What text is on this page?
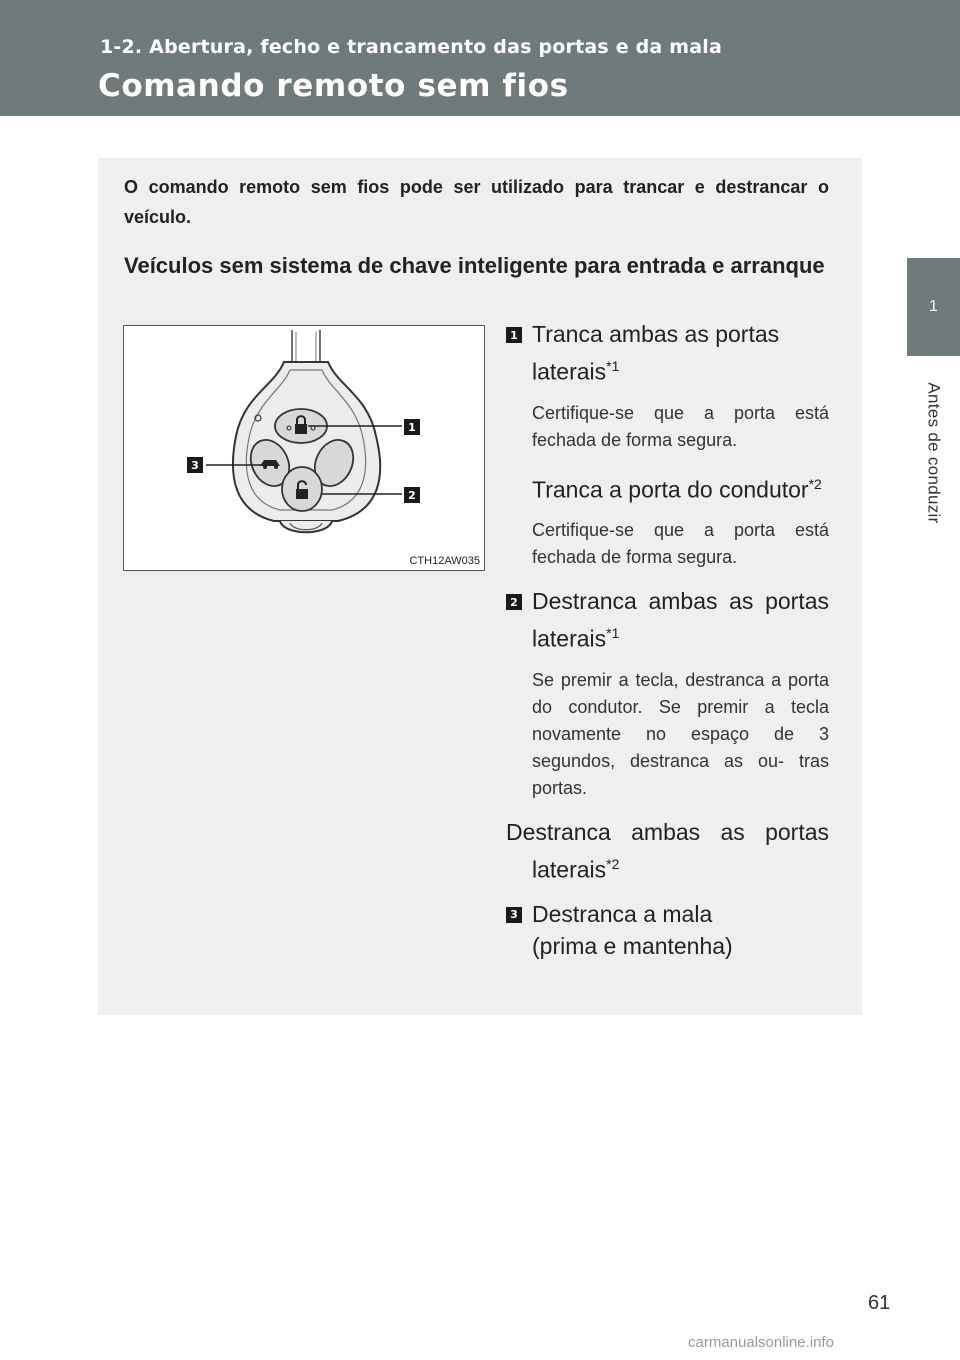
1-2. Abertura, fecho e trancamento das portas e da mala
Comando remoto sem fios
1
Antes de conduzir
O comando remoto sem fios pode ser utilizado para trancar e destrancar o veículo.
Veículos sem sistema de chave inteligente para entrada e arranque
1
2
3
CTH12AW035
1 Tranca ambas as portas laterais$^{*1}$
Certifique-se que a porta está fechada de forma segura.
Tranca a porta do condutor$^{*2}$
Certifique-se que a porta está fechada de forma segura.
2 Destranca ambas as portas laterais$^{*1}$
Se premir a tecla, destranca a porta do condutor. Se premir a tecla novamente no espaço de 3 segundos, destranca as ou- tras portas.
Destranca ambas as portas laterais$^{*2}$
3 Destranca a mala
(prima e mantenha)
61
carmanualsonline.info
